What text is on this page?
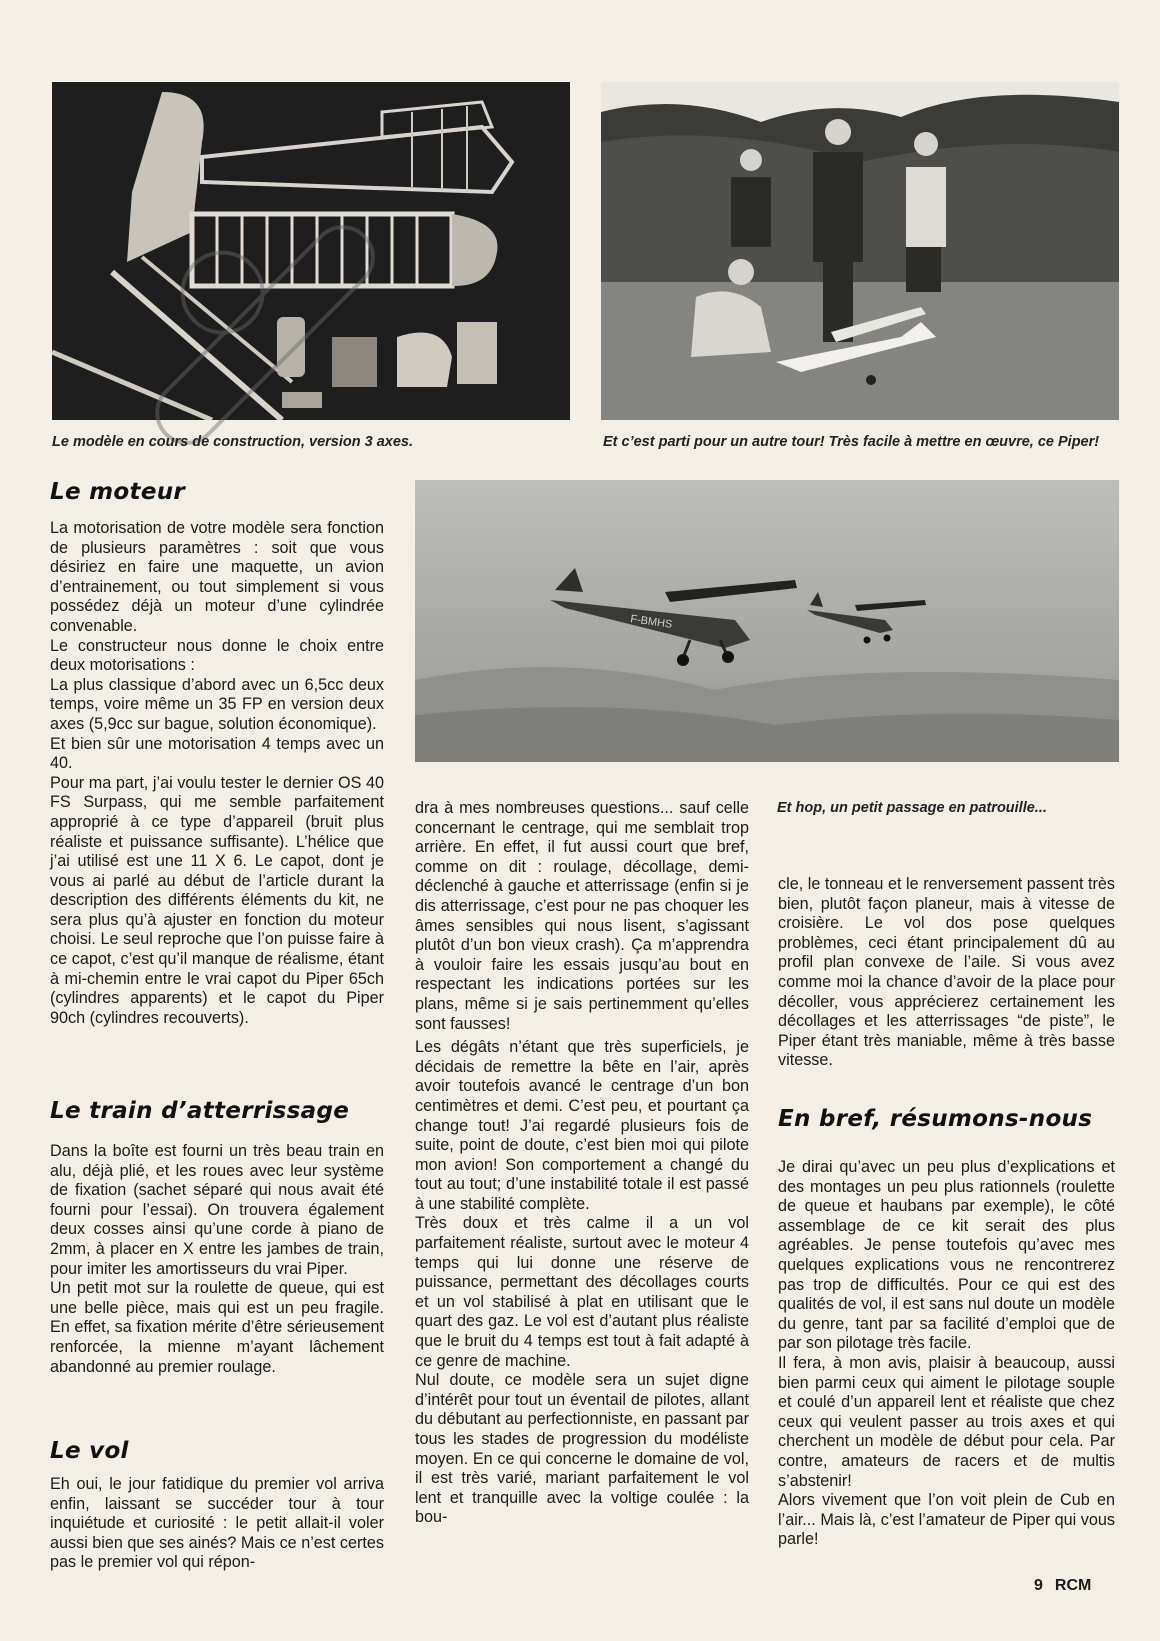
Le modèle en cours de construction, version 3 axes.	Et c’est parti pour un autre tour! Très facile à mettre en œuvre, ce Piper!
F-BMHS
Et hop, un petit passage en patrouille...
Le moteur

La motorisation de votre modèle sera fonction de plusieurs paramètres : soit que vous désiriez en faire une maquette, un avion d’entrainement, ou tout simplement si vous possédez déjà un moteur d’une cylindrée convenable.

Le constructeur nous donne le choix entre deux motorisations :

La plus classique d’abord avec un 6,5cc deux temps, voire même un 35 FP en version deux axes (5,9cc sur bague, solution économique).

Et bien sûr une motorisation 4 temps avec un 40.

Pour ma part, j’ai voulu tester le dernier OS 40 FS Surpass, qui me semble parfaitement approprié à ce type d’appareil (bruit plus réaliste et puissance suffisante). L’hélice que j’ai utilisé est une 11 X 6. Le capot, dont je vous ai parlé au début de l’article durant la description des différents éléments du kit, ne sera plus qu’à ajuster en fonction du moteur choisi. Le seul reproche que l’on puisse faire à ce capot, c’est qu’il manque de réalisme, étant à mi-chemin entre le vrai capot du Piper 65ch (cylindres apparents) et le capot du Piper 90ch (cylindres recouverts).

Le train d’atterrissage

Dans la boîte est fourni un très beau train en alu, déjà plié, et les roues avec leur système de fixation (sachet séparé qui nous avait été fourni pour l’essai). On trouvera également deux cosses ainsi qu’une corde à piano de 2mm, à placer en X entre les jambes de train, pour imiter les amortisseurs du vrai Piper.

Un petit mot sur la roulette de queue, qui est une belle pièce, mais qui est un peu fragile. En effet, sa fixation mérite d’être sérieusement renforcée, la mienne m’ayant lâchement abandonné au premier roulage.

Le vol

Eh oui, le jour fatidique du premier vol arriva enfin, laissant se succéder tour à tour inquiétude et curiosité : le petit allait-il voler aussi bien que ses ainés? Mais ce n’est certes pas le premier vol qui répon-

dra à mes nombreuses questions... sauf celle concernant le centrage, qui me semblait trop arrière. En effet, il fut aussi court que bref, comme on dit : roulage, décollage, demi-déclenché à gauche et atterrissage (enfin si je dis atterrissage, c’est pour ne pas choquer les âmes sensibles qui nous lisent, s’agissant plutôt d’un bon vieux crash). Ça m’apprendra à vouloir faire les essais jusqu’au bout en respectant les indications portées sur les plans, même si je sais pertinemment qu’elles sont fausses!

Les dégâts n’étant que très superficiels, je décidais de remettre la bête en l’air, après avoir toutefois avancé le centrage d’un bon centimètres et demi. C’est peu, et pourtant ça change tout! J’ai regardé plusieurs fois de suite, point de doute, c’est bien moi qui pilote mon avion! Son comportement a changé du tout au tout; d’une instabilité totale il est passé à une stabilité complète.

Très doux et très calme il a un vol parfaitement réaliste, surtout avec le moteur 4 temps qui lui donne une réserve de puissance, permettant des décollages courts et un vol stabilisé à plat en utilisant que le quart des gaz. Le vol est d’autant plus réaliste que le bruit du 4 temps est tout à fait adapté à ce genre de machine.

Nul doute, ce modèle sera un sujet digne d’intérêt pour tout un éventail de pilotes, allant du débutant au perfectionniste, en passant par tous les stades de progression du modéliste moyen. En ce qui concerne le domaine de vol, il est très varié, mariant parfaitement le vol lent et tranquille avec la voltige coulée : la bou-

cle, le tonneau et le renversement passent très bien, plutôt façon planeur, mais à vitesse de croisière. Le vol dos pose quelques problèmes, ceci étant principalement dû au profil plan convexe de l’aile. Si vous avez comme moi la chance d’avoir de la place pour décoller, vous apprécierez certainement les décollages et les atterrissages “de piste”, le Piper étant très maniable, même à très basse vitesse.

En bref, résumons-nous

Je dirai qu’avec un peu plus d’explications et des montages un peu plus rationnels (roulette de queue et haubans par exemple), le côté assemblage de ce kit serait des plus agréables. Je pense toutefois qu’avec mes quelques explications vous ne rencontrerez pas trop de difficultés. Pour ce qui est des qualités de vol, il est sans nul doute un modèle du genre, tant par sa facilité d’emploi que de par son pilotage très facile.

Il fera, à mon avis, plaisir à beaucoup, aussi bien parmi ceux qui aiment le pilotage souple et coulé d’un appareil lent et réaliste que chez ceux qui veulent passer au trois axes et qui cherchent un modèle de début pour cela. Par contre, amateurs de racers et de multis s’abstenir!

Alors vivement que l’on voit plein de Cub en l’air... Mais là, c’est l’amateur de Piper qui vous parle!

9 RCM
